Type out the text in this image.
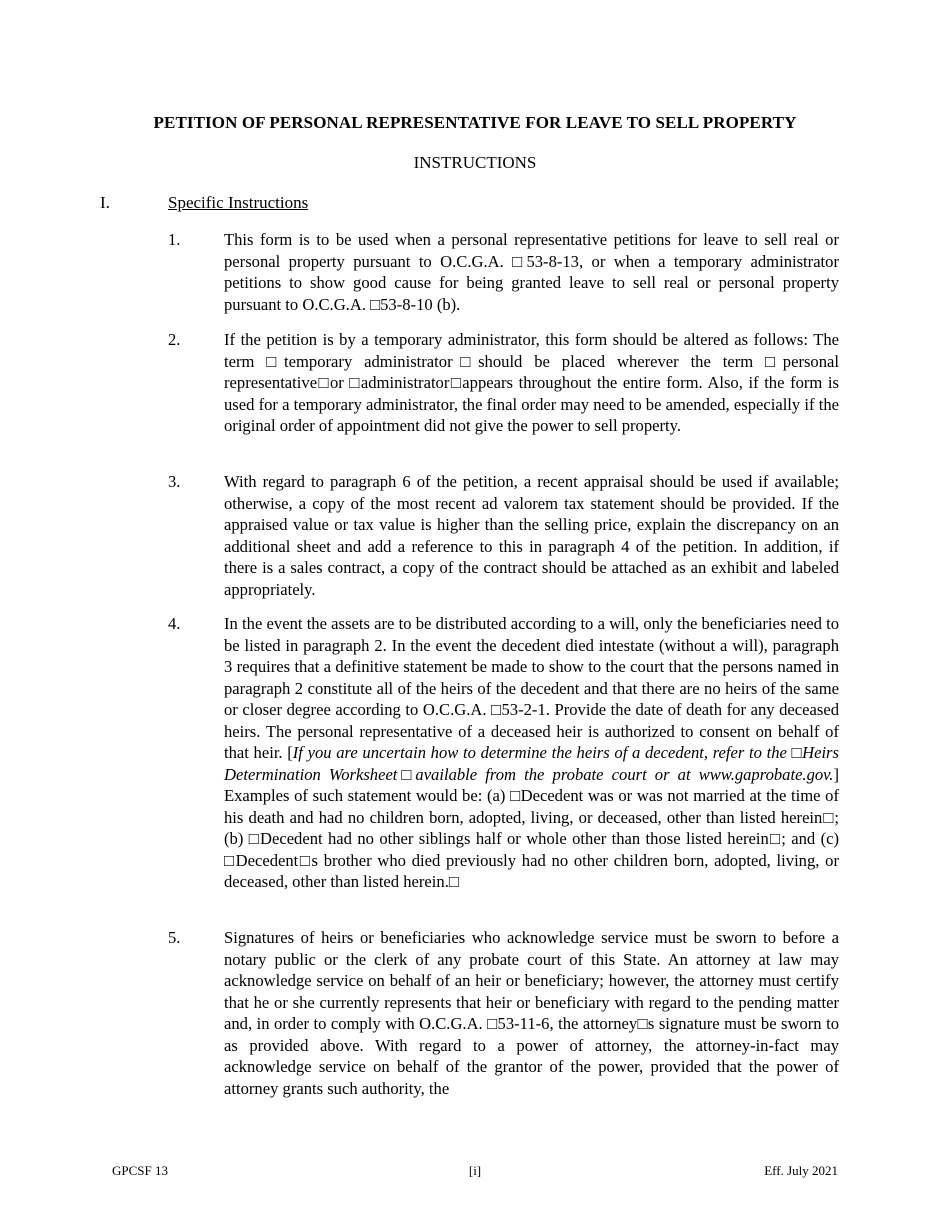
PETITION OF PERSONAL REPRESENTATIVE FOR LEAVE TO SELL PROPERTY
INSTRUCTIONS
I.	Specific Instructions
1.	This form is to be used when a personal representative petitions for leave to sell real or personal property pursuant to O.C.G.A. □53-8-13, or when a temporary administrator petitions to show good cause for being granted leave to sell real or personal property pursuant to O.C.G.A. □53-8-10 (b).
2.	If the petition is by a temporary administrator, this form should be altered as follows: The term □temporary administrator□should be placed wherever the term □personal representative□or □administrator□appears throughout the entire form. Also, if the form is used for a temporary administrator, the final order may need to be amended, especially if the original order of appointment did not give the power to sell property.
3.	With regard to paragraph 6 of the petition, a recent appraisal should be used if available; otherwise, a copy of the most recent ad valorem tax statement should be provided. If the appraised value or tax value is higher than the selling price, explain the discrepancy on an additional sheet and add a reference to this in paragraph 4 of the petition. In addition, if there is a sales contract, a copy of the contract should be attached as an exhibit and labeled appropriately.
4.	In the event the assets are to be distributed according to a will, only the beneficiaries need to be listed in paragraph 2. In the event the decedent died intestate (without a will), paragraph 3 requires that a definitive statement be made to show to the court that the persons named in paragraph 2 constitute all of the heirs of the decedent and that there are no heirs of the same or closer degree according to O.C.G.A. □53-2-1. Provide the date of death for any deceased heirs. The personal representative of a deceased heir is authorized to consent on behalf of that heir. [If you are uncertain how to determine the heirs of a decedent, refer to the □Heirs Determination Worksheet□available from the probate court or at www.gaprobate.gov.] Examples of such statement would be: (a) □Decedent was or was not married at the time of his death and had no children born, adopted, living, or deceased, other than listed herein□; (b) □Decedent had no other siblings half or whole other than those listed herein□; and (c) □Decedent□s brother who died previously had no other children born, adopted, living, or deceased, other than listed herein.□
5.	Signatures of heirs or beneficiaries who acknowledge service must be sworn to before a notary public or the clerk of any probate court of this State. An attorney at law may acknowledge service on behalf of an heir or beneficiary; however, the attorney must certify that he or she currently represents that heir or beneficiary with regard to the pending matter and, in order to comply with O.C.G.A. □53-11-6, the attorney□s signature must be sworn to as provided above. With regard to a power of attorney, the attorney-in-fact may acknowledge service on behalf of the grantor of the power, provided that the power of attorney grants such authority, the
GPCSF 13	[i]	Eff. July 2021
